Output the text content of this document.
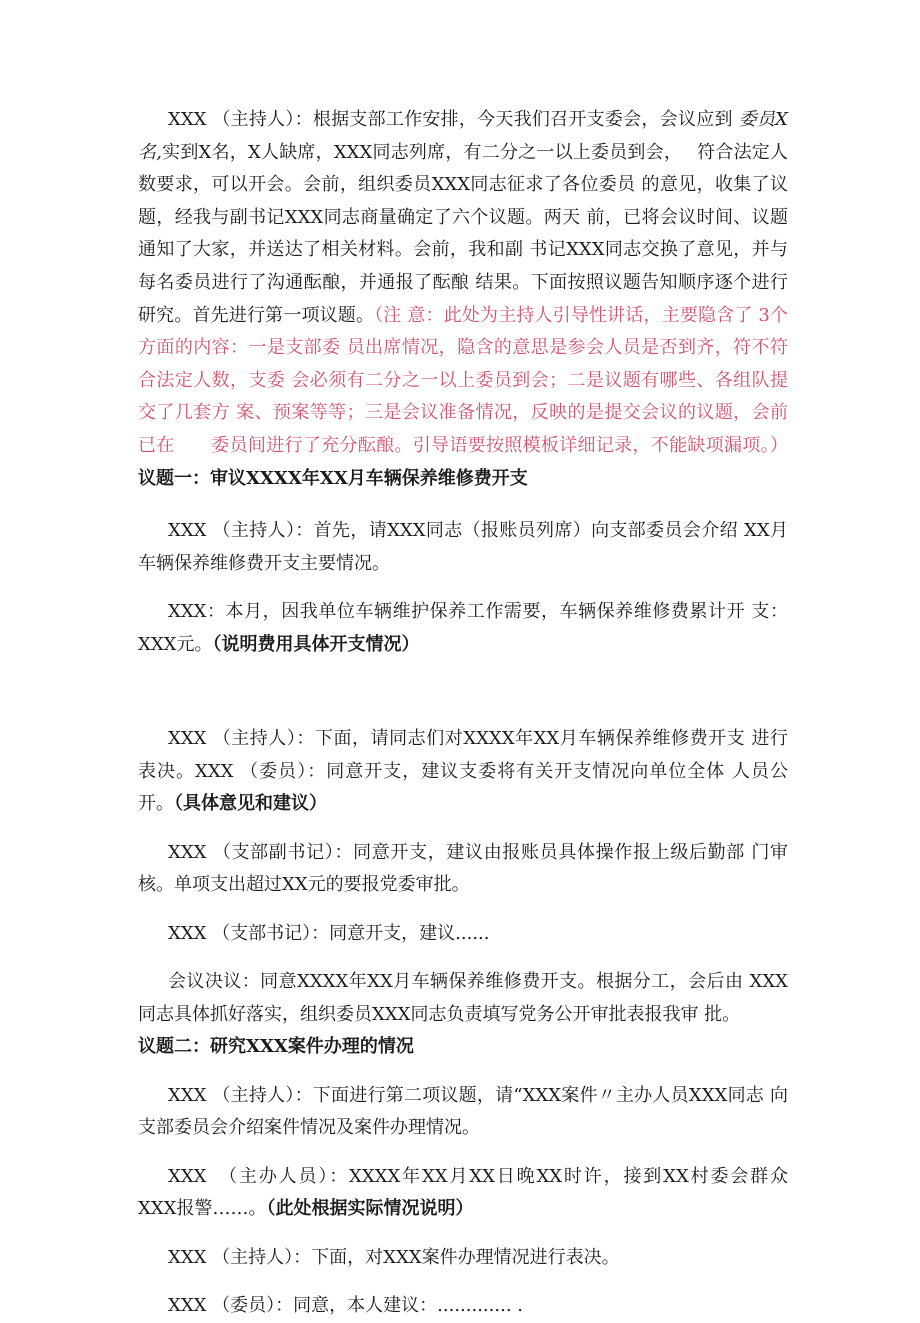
XXX （主持人）：根据支部工作安排，今天我们召开支委会，会议应到 委员X名,实到X名，X人缺席，XXX同志列席，有二分之一以上委员到会，　 符合法定人数要求，可以开会。会前，组织委员XXX同志征求了各位委员 的意见，收集了议题，经我与副书记XXX同志商量确定了六个议题。两天 前，已将会议时间、议题通知了大家，并送达了相关材料。会前，我和副 书记XXX同志交换了意见，并与每名委员进行了沟通酝酿，并通报了酝酿 结果。下面按照议题告知顺序逐个进行研究。首先进行第一项议题。（注 意：此处为主持人引导性讲话，主要隐含了 3个方面的内容：一是支部委 员出席情况，隐含的意思是参会人员是否到齐，符不符合法定人数，支委 会必须有二分之一以上委员到会；二是议题有哪些、各组队提交了几套方 案、预案等等；三是会议准备情况，反映的是提交会议的议题，会前已在　　委员间进行了充分酝酿。引导语要按照模板详细记录，不能缺项漏项。） 议题一：审议XXXX年XX月车辆保养维修费开支

XXX （主持人）：首先，请XXX同志（报账员列席）向支部委员会介绍 XX月车辆保养维修费开支主要情况。

XXX：本月，因我单位车辆维护保养工作需要，车辆保养维修费累计开 支：XXX元。（说明费用具体开支情况）

XXX （主持人）：下面，请同志们对XXXX年XX月车辆保养维修费开支 进行表决。XXX （委员）：同意开支，建议支委将有关开支情况向单位全体 人员公开。（具体意见和建议）

XXX （支部副书记）：同意开支，建议由报账员具体操作报上级后勤部 门审核。单项支出超过XX元的要报党委审批。

XXX （支部书记）：同意开支，建议......

会议决议：同意XXXX年XX月车辆保养维修费开支。根据分工，会后由 XXX同志具体抓好落实，组织委员XXX同志负责填写党务公开审批表报我审 批。

议题二：研究XXX案件办理的情况

XXX （主持人）：下面进行第二项议题，请“XXX案件〃主办人员XXX同志 向支部委员会介绍案件情况及案件办理情况。

XXX　（主办人员）：XXXX年XX月XX日晚XX时许，接到XX村委会群众　 XXX报警……。（此处根据实际情况说明）

XXX （主持人）：下面，对XXX案件办理情况进行表决。

XXX （委员）：同意，本人建议：............. .
